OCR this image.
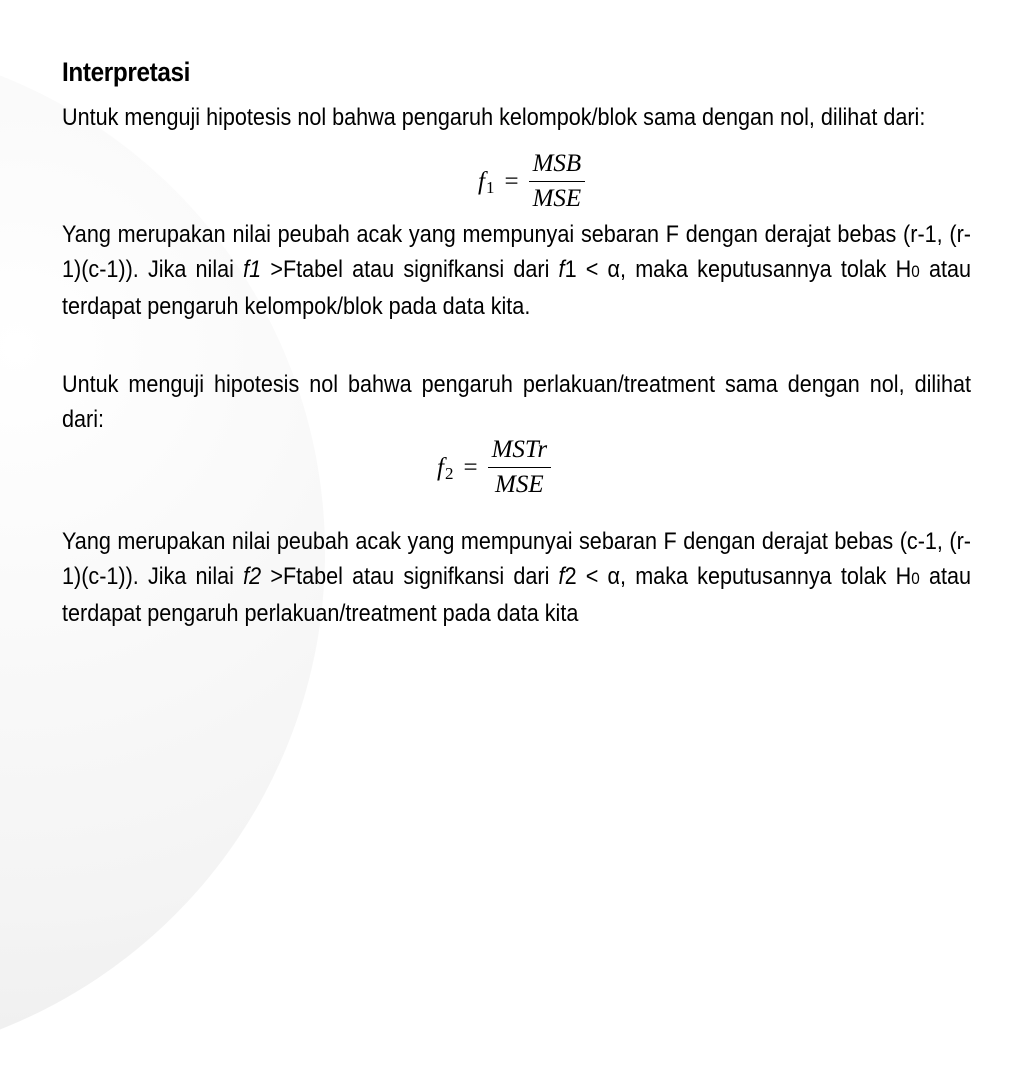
Interpretasi
Untuk menguji hipotesis nol bahwa pengaruh kelompok/blok sama dengan nol, dilihat dari:
f $1 = \frac{\text{MSB}}{\text{MSE}}$
Yang merupakan nilai peubah acak yang mempunyai sebaran F dengan derajat bebas (r-1, (r-1)(c-1)). Jika nilai f1 >Ftabel atau signifkansi dari f1 < α, maka keputusannya tolak H0 atau terdapat pengaruh kelompok/blok pada data kita.
Untuk menguji hipotesis nol bahwa pengaruh perlakuan/treatment sama dengan nol, dilihat dari:
f $2 = \frac{\text{MSTr}}{\text{MSE}}$
Yang merupakan nilai peubah acak yang mempunyai sebaran F dengan derajat bebas (c-1, (r-1)(c-1)). Jika nilai f2 >Ftabel atau signifkansi dari f2 < α, maka keputusannya tolak H0 atau terdapat pengaruh perlakuan/treatment pada data kita
